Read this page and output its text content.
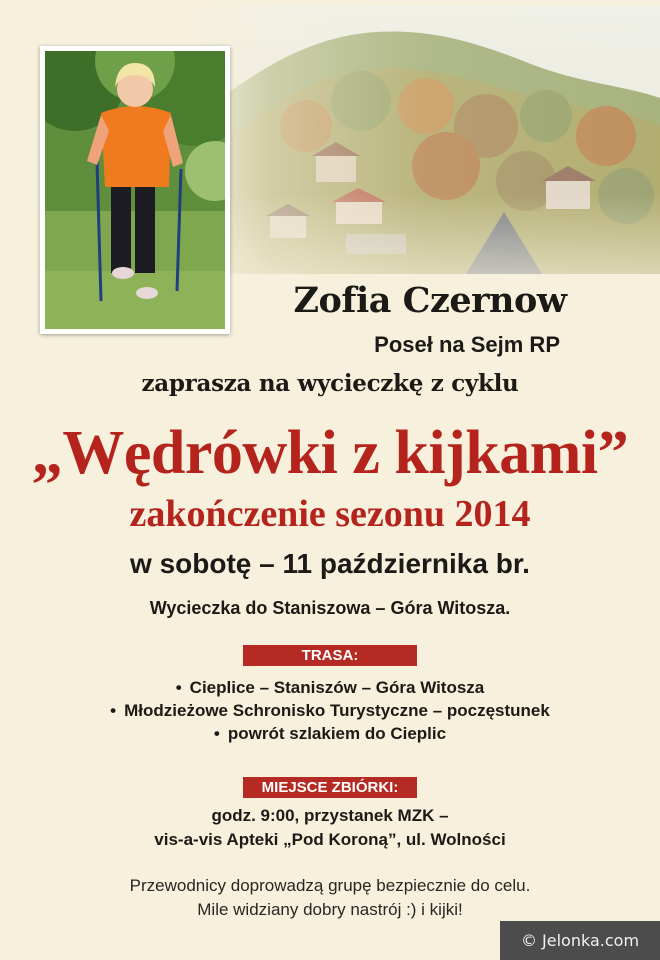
Zofia Czernow
Poseł na Sejm RP
zaprasza na wycieczkę z cyklu
„Wędrówki z kijkami”
zakończenie sezonu 2014
w sobotę – 11 października br.
Wycieczka do Staniszowa – Góra Witosza.
TRASA:
• Cieplice – Staniszów – Góra Witosza
• Młodzieżowe Schronisko Turystyczne – poczęstunek
• powrót szlakiem do Cieplic
MIEJSCE ZBIÓRKI:
godz. 9:00, przystanek MZK –
vis-a-vis Apteki „Pod Koroną”, ul. Wolności
Przewodnicy doprowadzą grupę bezpiecznie do celu.
Mile widziany dobry nastrój :) i kijki!
© Jelonka.com
